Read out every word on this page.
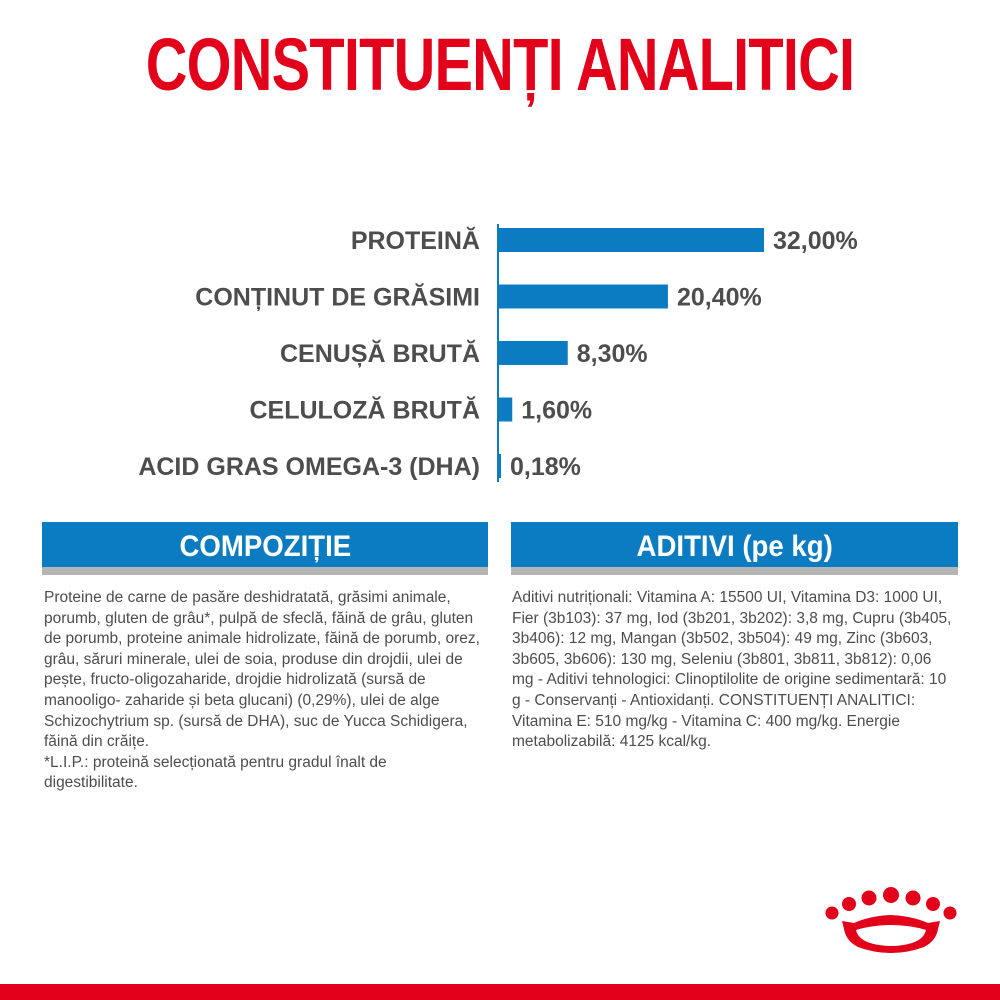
CONSTITUENȚI ANALITICI
PROTEINĂ	32,00%
CONȚINUT DE GRĂSIMI	20,40%
CENUȘĂ BRUTĂ	8,30%
CELULOZĂ BRUTĂ 1,60%
ACID GRAS OMEGA-3 (DHA) 0,18%
COMPOZIȚIE	ADITIVI (pe kg)
Proteine de carne de pasăre deshidratată, grăsimi animale, porumb, gluten de grâu*, pulpă de sfeclă, făină de grâu, gluten de porumb, proteine animale hidrolizate, făină de porumb, orez, grâu, săruri minerale, ulei de soia, produse din drojdii, ulei de pește, fructo-oligozaharide, drojdie hidrolizată (sursă de manooligo- zaharide și beta glucani) (0,29%), ulei de alge Schizochytrium sp. (sursă de DHA), suc de Yucca Schidigera, făină din crăițe.
*L.I.P.: proteină selecționată pentru gradul înalt de digestibilitate.
Aditivi nutriționali: Vitamina A: 15500 UI, Vitamina D3: 1000 UI, Fier (3b103): 37 mg, Iod (3b201, 3b202): 3,8 mg, Cupru (3b405, 3b406): 12 mg, Mangan (3b502, 3b504): 49 mg, Zinc (3b603, 3b605, 3b606): 130 mg, Seleniu (3b801, 3b811, 3b812): 0,06 mg - Aditivi tehnologici: Clinoptilolite de origine sedimentară: 10 g - Conservanți - Antioxidanți. CONSTITUENȚI ANALITICI: Vitamina E: 510 mg/kg - Vitamina C: 400 mg/kg. Energie metabolizabilă: 4125 kcal/kg.
